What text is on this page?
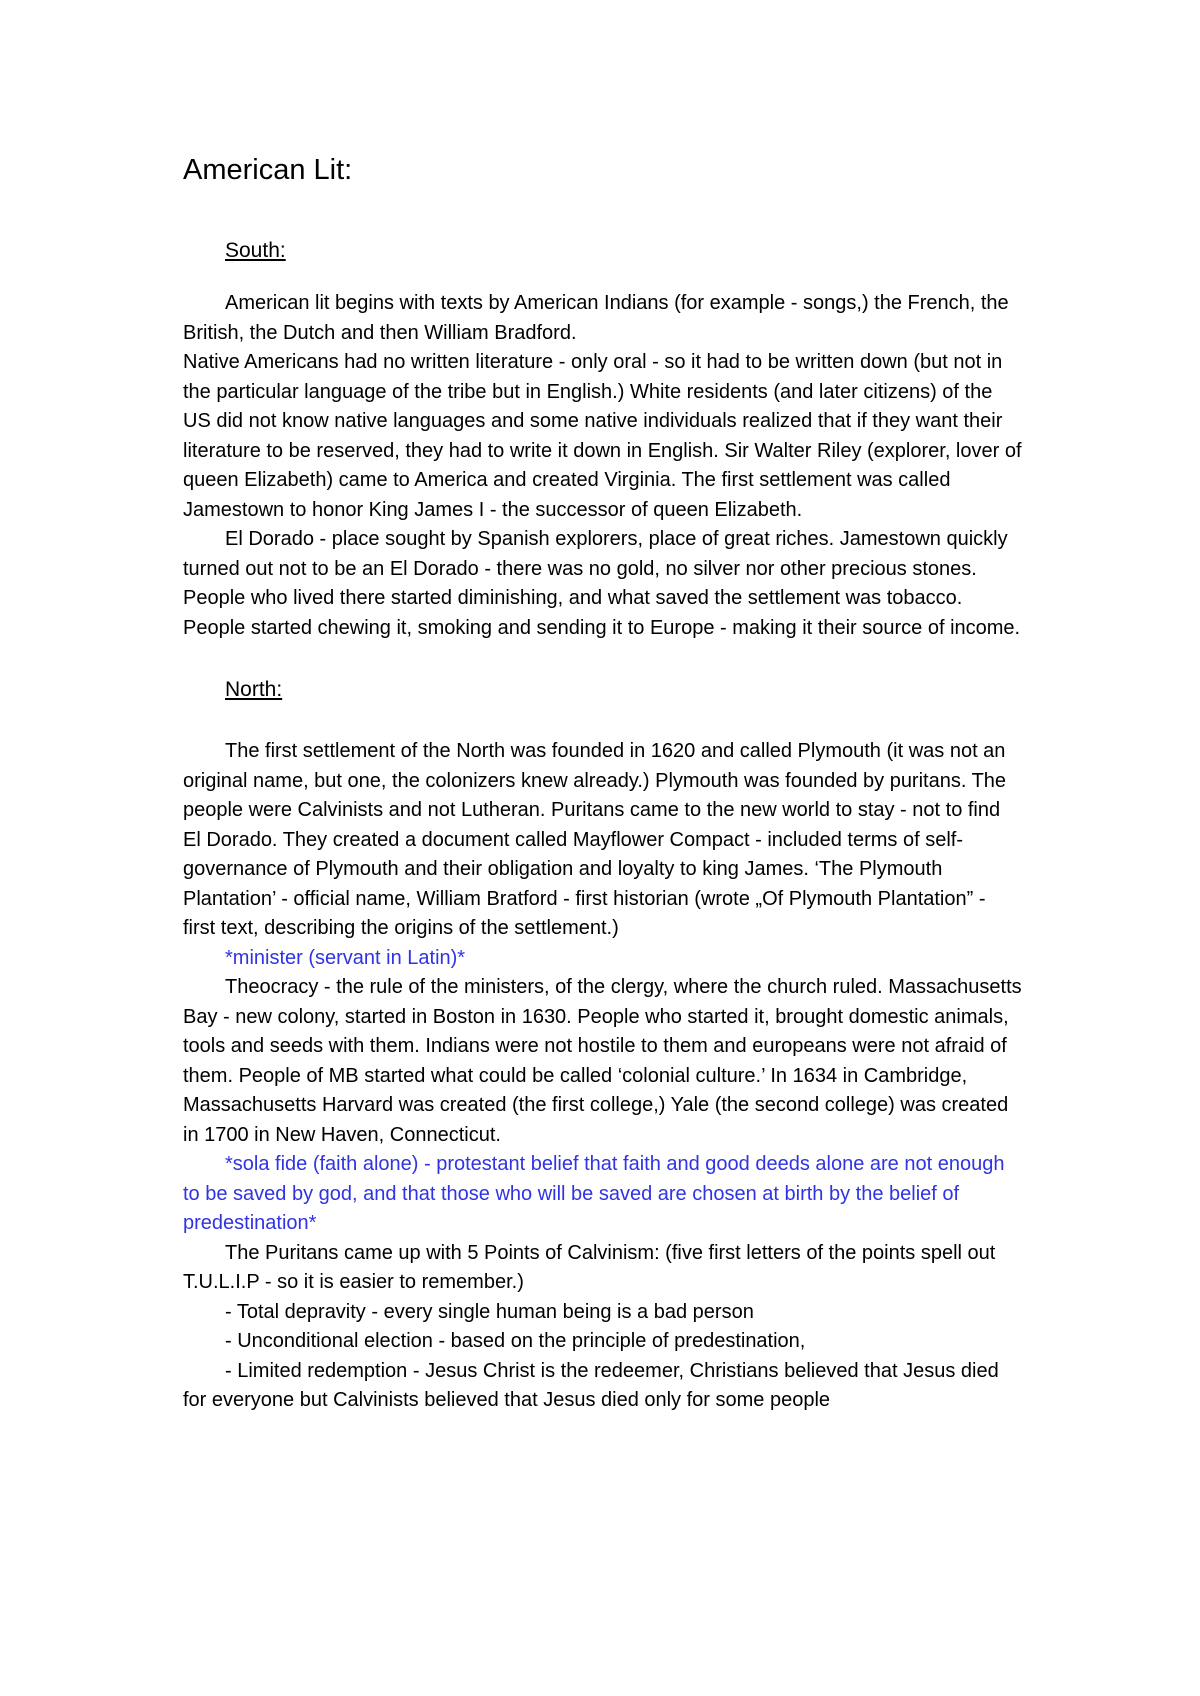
American Lit:
South:

American lit begins with texts by American Indians (for example - songs,) the French, the British, the Dutch and then William Bradford.

Native Americans had no written literature - only oral - so it had to be written down (but not in the particular language of the tribe but in English.) White residents (and later citizens) of the US did not know native languages and some native individuals realized that if they want their literature to be reserved, they had to write it down in English. Sir Walter Riley (explorer, lover of queen Elizabeth) came to America and created Virginia. The first settlement was called Jamestown to honor King James I - the successor of queen Elizabeth.

El Dorado - place sought by Spanish explorers, place of great riches. Jamestown quickly turned out not to be an El Dorado - there was no gold, no silver nor other precious stones. People who lived there started diminishing, and what saved the settlement was tobacco. People started chewing it, smoking and sending it to Europe - making it their source of income.

North:

The first settlement of the North was founded in 1620 and called Plymouth (it was not an original name, but one, the colonizers knew already.) Plymouth was founded by puritans. The people were Calvinists and not Lutheran. Puritans came to the new world to stay - not to find El Dorado. They created a document called Mayflower Compact - included terms of self-governance of Plymouth and their obligation and loyalty to king James. ‘The Plymouth Plantation’ - official name, William Bratford - first historian (wrote „Of Plymouth Plantation” - first text, describing the origins of the settlement.)

*minister (servant in Latin)*

Theocracy - the rule of the ministers, of the clergy, where the church ruled. Massachusetts Bay - new colony, started in Boston in 1630. People who started it, brought domestic animals, tools and seeds with them. Indians were not hostile to them and europeans were not afraid of them. People of MB started what could be called ‘colonial culture.’ In 1634 in Cambridge, Massachusetts Harvard was created (the first college,) Yale (the second college) was created in 1700 in New Haven, Connecticut.

*sola fide (faith alone) - protestant belief that faith and good deeds alone are not enough to be saved by god, and that those who will be saved are chosen at birth by the belief of predestination*

The Puritans came up with 5 Points of Calvinism: (five first letters of the points spell out T.U.L.I.P - so it is easier to remember.)

- Total depravity - every single human being is a bad person

- Unconditional election - based on the principle of predestination,

- Limited redemption - Jesus Christ is the redeemer, Christians believed that Jesus died for everyone but Calvinists believed that Jesus died only for some people
